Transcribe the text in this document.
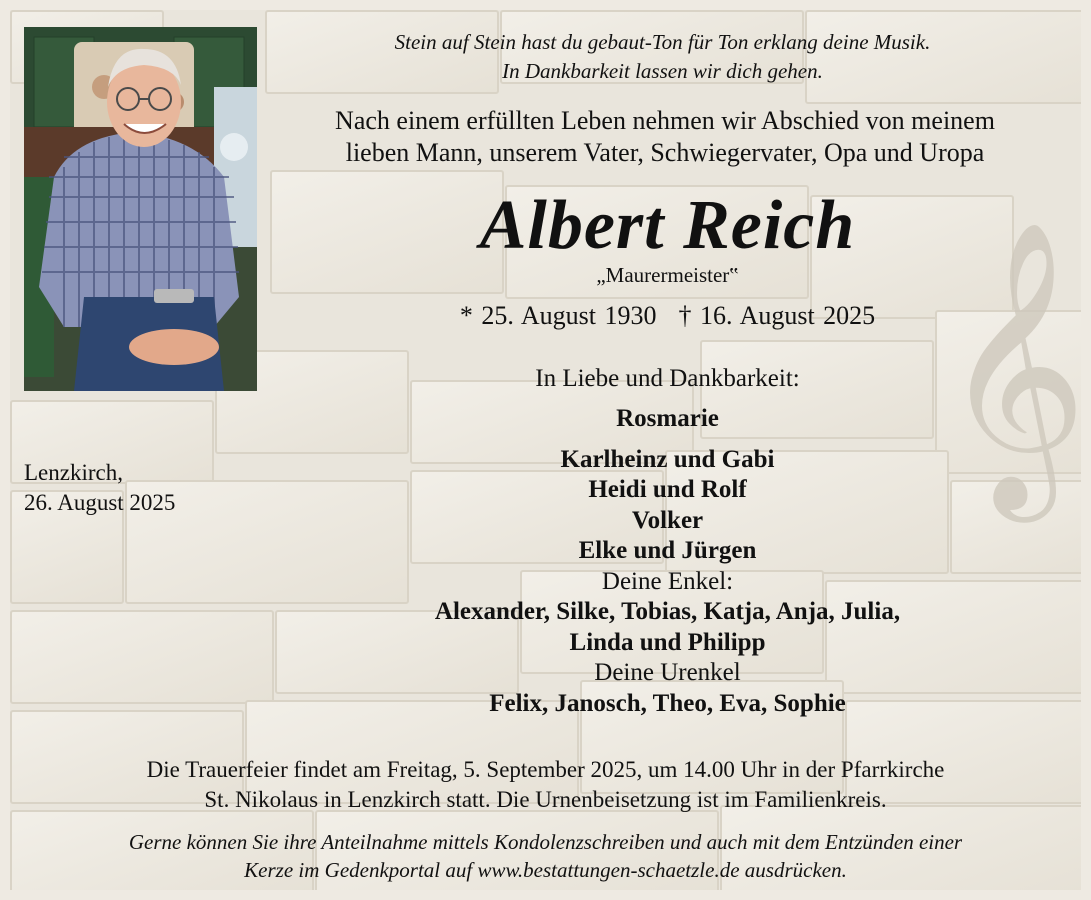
𝄞
Stein auf Stein hast du gebaut-Ton für Ton erklang deine Musik.
In Dankbarkeit lassen wir dich gehen.
Nach einem erfüllten Leben nehmen wir Abschied von meinem
lieben Mann, unserem Vater, Schwiegervater, Opa und Uropa
Albert Reich
„Maurermeister‟
* 25. August 1930 † 16. August 2025
In Liebe und Dankbarkeit:
Rosmarie
Karlheinz und Gabi
Heidi und Rolf
Volker
Elke und Jürgen
Deine Enkel:
Alexander, Silke, Tobias, Katja, Anja, Julia,
Linda und Philipp
Deine Urenkel
Felix, Janosch, Theo, Eva, Sophie
Lenzkirch,
26. August 2025
Die Trauerfeier findet am Freitag, 5. September 2025, um 14.00 Uhr in der Pfarrkirche
St. Nikolaus in Lenzkirch statt. Die Urnenbeisetzung ist im Familienkreis.
Gerne können Sie ihre Anteilnahme mittels Kondolenzschreiben und auch mit dem Entzünden einer
Kerze im Gedenkportal auf www.bestattungen-schaetzle.de ausdrücken.
